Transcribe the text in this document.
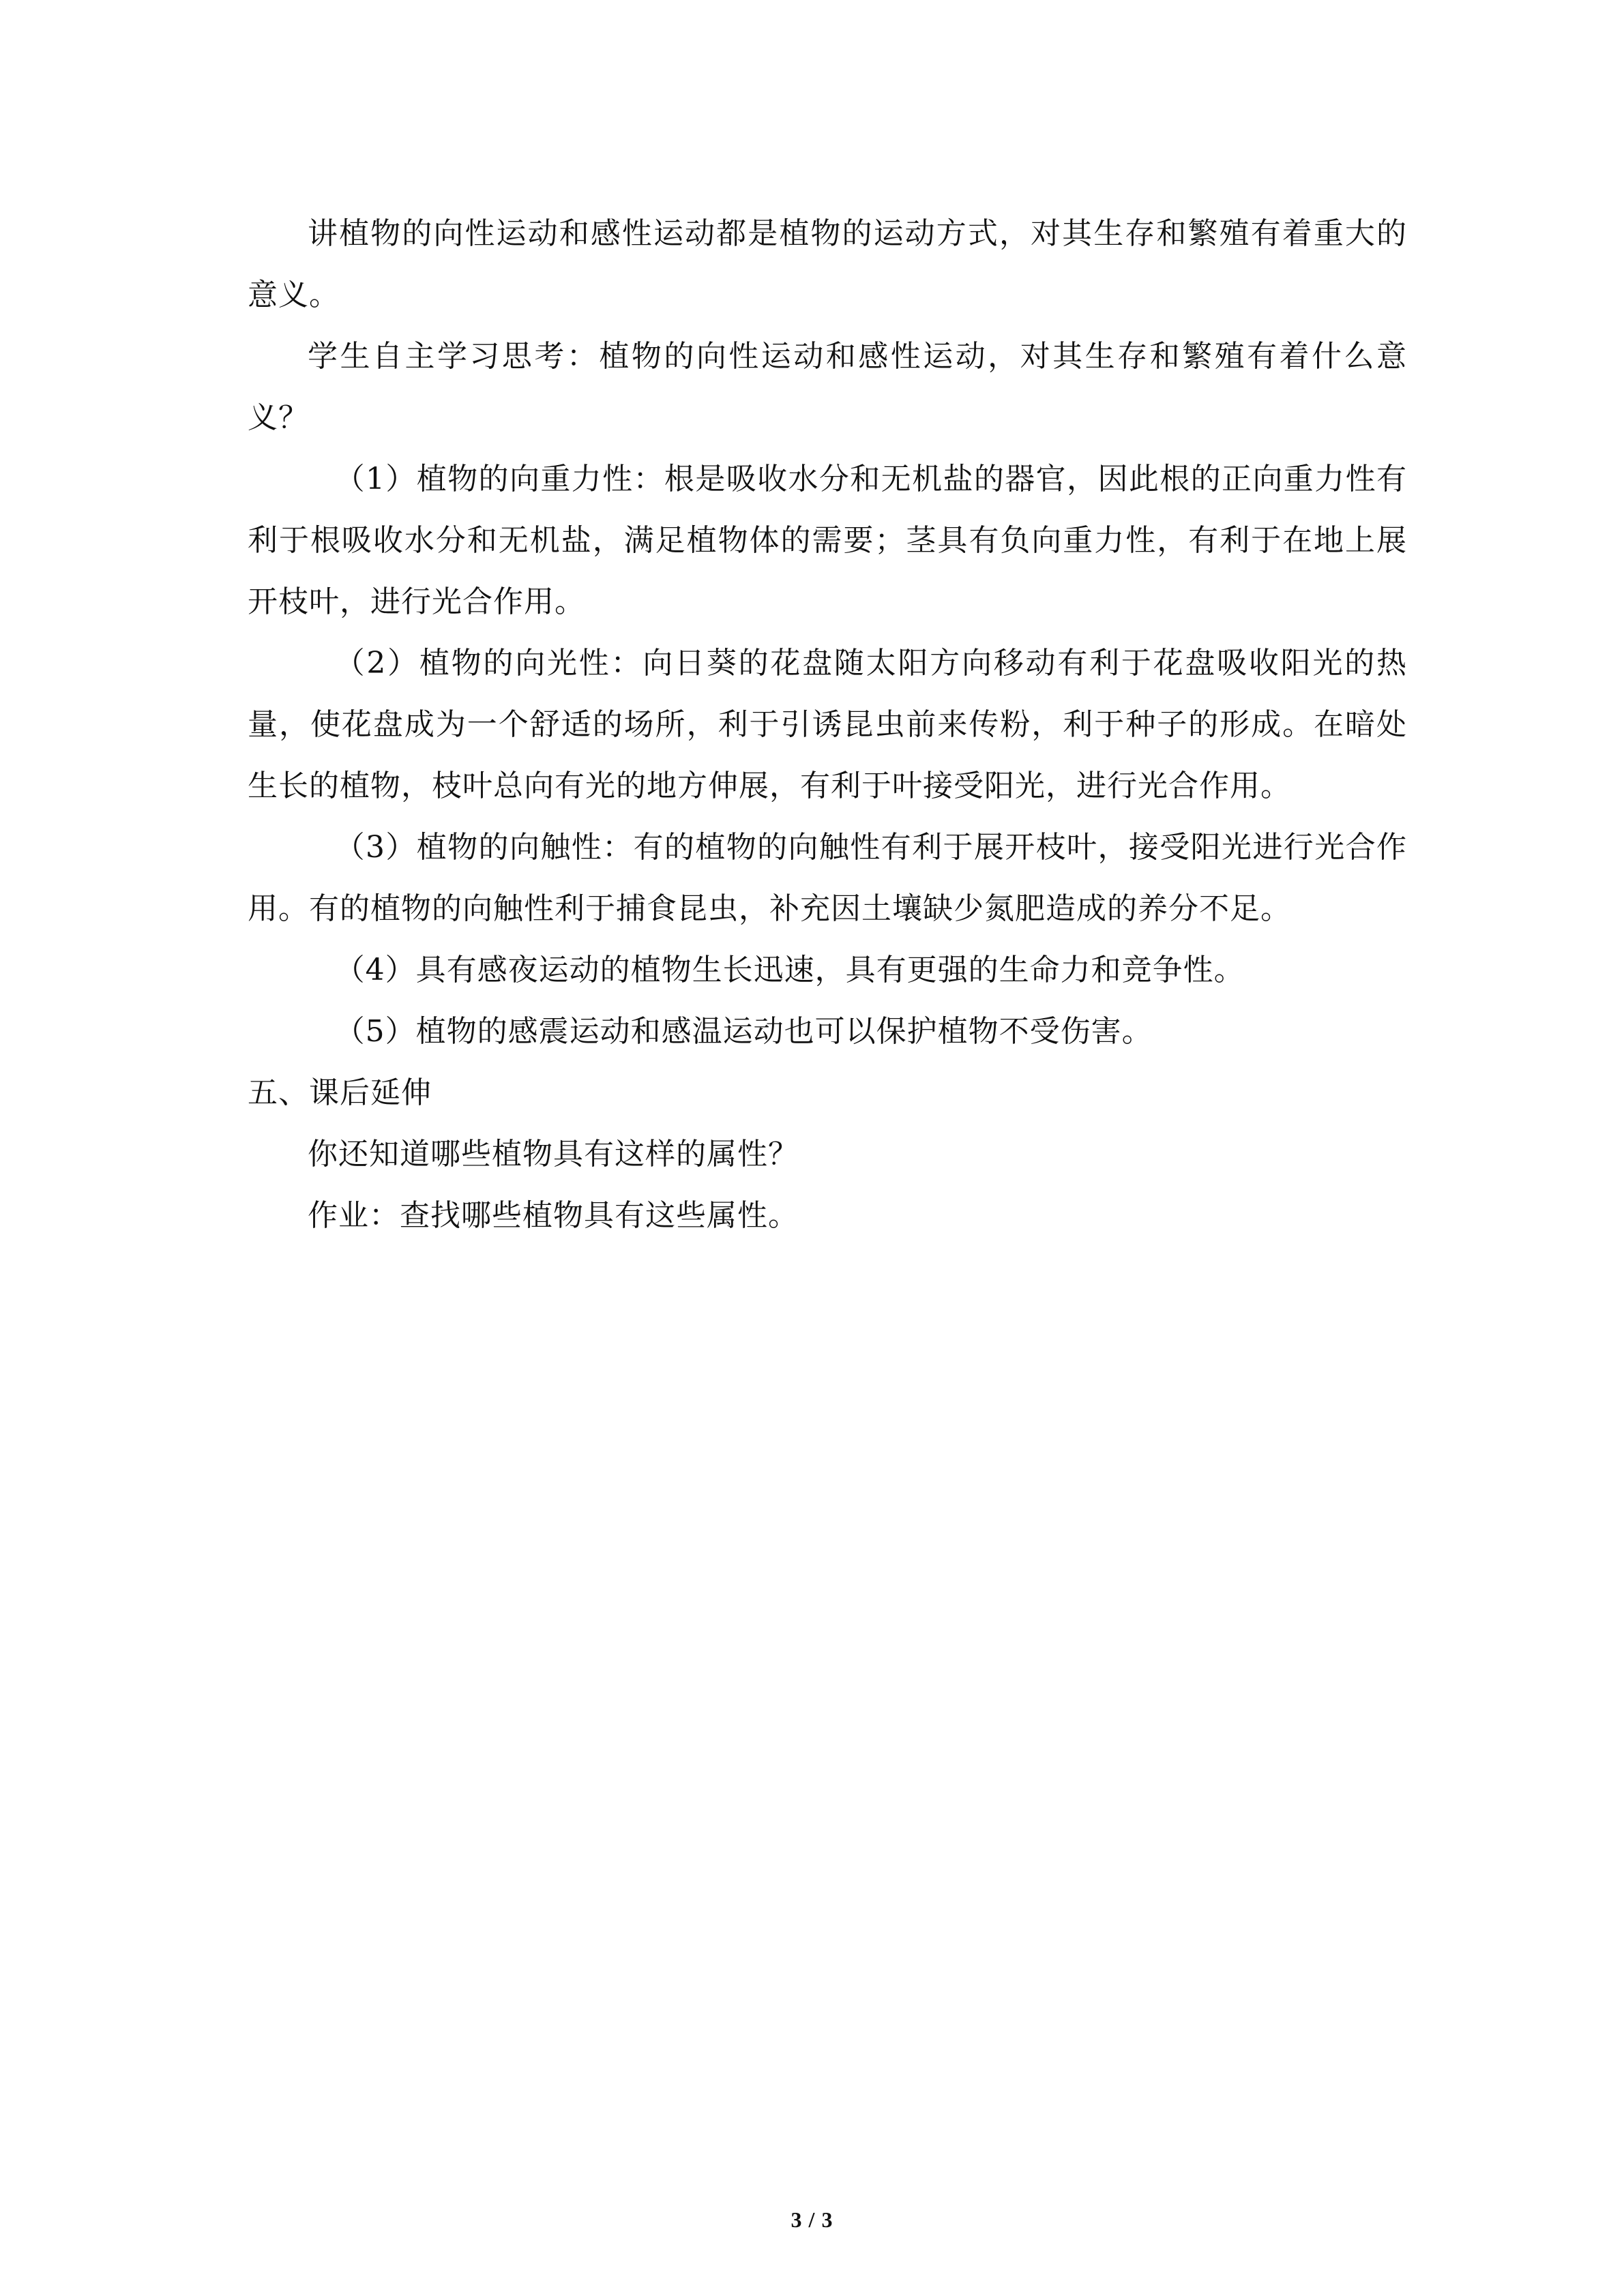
讲植物的向性运动和感性运动都是植物的运动方式，对其生存和繁殖有着重大的意义。

学生自主学习思考：植物的向性运动和感性运动，对其生存和繁殖有着什么意义？

（1）植物的向重力性：根是吸收水分和无机盐的器官，因此根的正向重力性有利于根吸收水分和无机盐，满足植物体的需要；茎具有负向重力性，有利于在地上展开枝叶，进行光合作用。

（2）植物的向光性：向日葵的花盘随太阳方向移动有利于花盘吸收阳光的热量，使花盘成为一个舒适的场所，利于引诱昆虫前来传粉，利于种子的形成。在暗处生长的植物，枝叶总向有光的地方伸展，有利于叶接受阳光，进行光合作用。

（3）植物的向触性：有的植物的向触性有利于展开枝叶，接受阳光进行光合作用。有的植物的向触性利于捕食昆虫，补充因土壤缺少氮肥造成的养分不足。

（4）具有感夜运动的植物生长迅速，具有更强的生命力和竞争性。

（5）植物的感震运动和感温运动也可以保护植物不受伤害。

五、课后延伸

你还知道哪些植物具有这样的属性？

作业：查找哪些植物具有这些属性。

3 / 3
